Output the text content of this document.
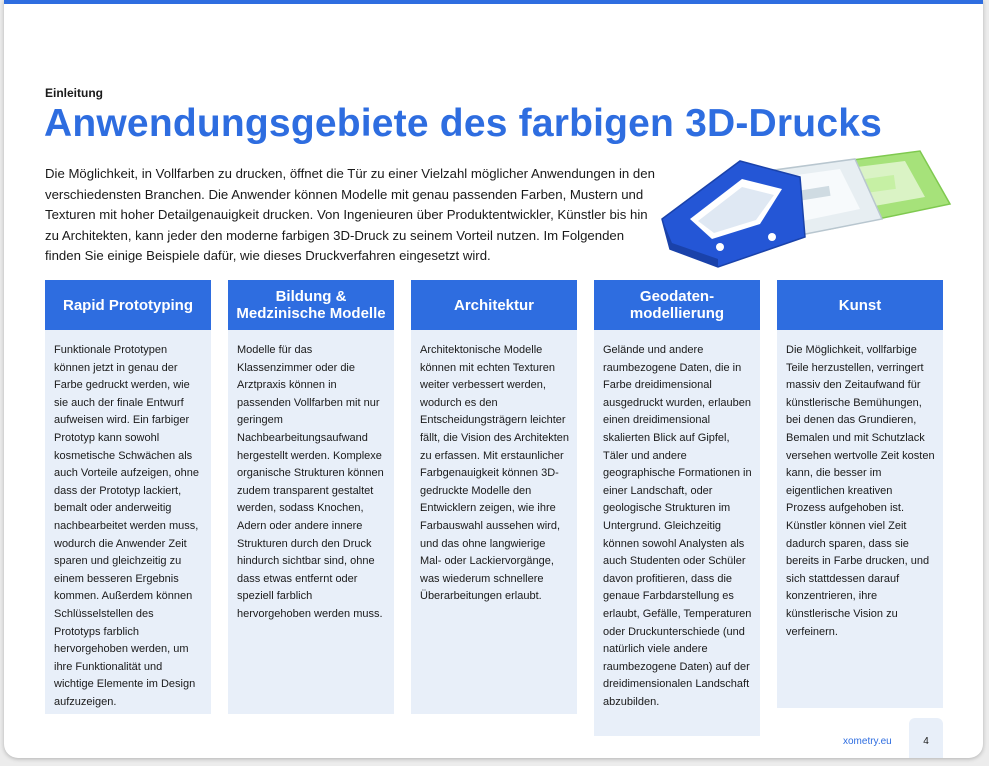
Einleitung
Anwendungsgebiete des farbigen 3D-Drucks

Die Möglichkeit, in Vollfarben zu drucken, öffnet die Tür zu einer Vielzahl möglicher Anwendungen in den verschiedensten Branchen. Die Anwender können Modelle mit genau passenden Farben, Mustern und Texturen mit hoher Detailgenauigkeit drucken. Von Ingenieuren über Produktentwickler, Künstler bis hin zu Architekten, kann jeder den moderne farbigen 3D-Druck zu seinem Vorteil nutzen. Im Folgenden finden Sie einige Beispiele dafür, wie dieses Druckverfahren eingesetzt wird.

Rapid Prototyping
Funktionale Prototypen können jetzt in genau der Farbe gedruckt werden, wie sie auch der finale Entwurf aufweisen wird. Ein farbiger Prototyp kann sowohl kosmetische Schwächen als auch Vorteile aufzeigen, ohne dass der Prototyp lackiert, bemalt oder anderweitig nachbearbeitet werden muss, wodurch die Anwender Zeit sparen und gleichzeitig zu einem besseren Ergebnis kommen. Außerdem können Schlüsselstellen des Prototyps farblich hervorgehoben werden, um ihre Funktionalität und wichtige Elemente im Design aufzuzeigen.
Bildung & Medzinische Modelle
Modelle für das Klassenzimmer oder die Arztpraxis können in passenden Vollfarben mit nur geringem Nachbearbeitungsaufwand hergestellt werden. Komplexe organische Strukturen können zudem transparent gestaltet werden, sodass Knochen, Adern oder andere innere Strukturen durch den Druck hindurch sichtbar sind, ohne dass etwas entfernt oder speziell farblich hervorgehoben werden muss.
Architektur
Architektonische Modelle können mit echten Texturen weiter verbessert werden, wodurch es den Entscheidungsträgern leichter fällt, die Vision des Architekten zu erfassen. Mit erstaunlicher Farbgenauigkeit können 3D-gedruckte Modelle den Entwicklern zeigen, wie ihre Farbauswahl aussehen wird, und das ohne langwierige Mal- oder Lackiervorgänge, was wiederum schnellere Überarbeitungen erlaubt.
Geodaten-modellierung
Gelände und andere raumbezogene Daten, die in Farbe dreidimensional ausgedruckt wurden, erlauben einen dreidimensional skalierten Blick auf Gipfel, Täler und andere geographische Formationen in einer Landschaft, oder geologische Strukturen im Untergrund. Gleichzeitig können sowohl Analysten als auch Studenten oder Schüler davon profitieren, dass die genaue Farbdarstellung es erlaubt, Gefälle, Temperaturen oder Druckunterschiede (und natürlich viele andere raumbezogene Daten) auf der dreidimensionalen Landschaft abzubilden.
Kunst
Die Möglichkeit, vollfarbige Teile herzustellen, verringert massiv den Zeitaufwand für künstlerische Bemühungen, bei denen das Grundieren, Bemalen und mit Schutzlack versehen wertvolle Zeit kosten kann, die besser im eigentlichen kreativen Prozess aufgehoben ist. Künstler können viel Zeit dadurch sparen, dass sie bereits in Farbe drucken, und sich stattdessen darauf konzentrieren, ihre künstlerische Vision zu verfeinern.
xometry.eu	4
